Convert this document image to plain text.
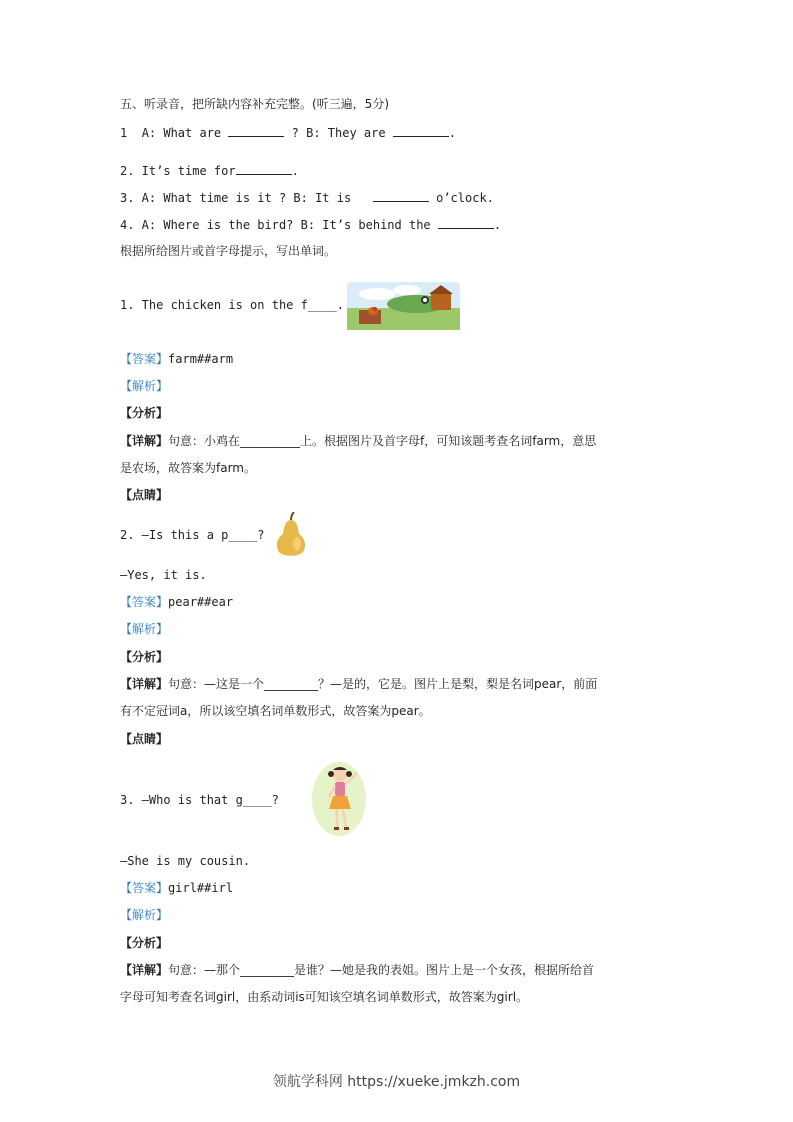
五、听录音，把所缺内容补充完整。(听三遍，5分)
1 A: What are	? B: They are	.
2. It’s time for	.
3. A: What time is it ? B: It is	o’clock.
4. A: Where is the bird? B: It’s behind the	.
根据所给图片或首字母提示，写出单词。
1. The chicken is on the f____.
【答案】farm##arm
【解析】
【分析】
【详解】句意：小鸡在__________上。根据图片及首字母f，可知该题考查名词farm，意思
是农场，故答案为farm。
【点睛】
2. —Is this a p____?
—Yes, it is.
【答案】pear##ear
【解析】
【分析】
【详解】句意：—这是一个_________？—是的，它是。图片上是梨，梨是名词pear，前面
有不定冠词a，所以该空填名词单数形式，故答案为pear。
【点睛】
3. —Who is that g____?
—She is my cousin.
【答案】girl##irl
【解析】
【分析】
【详解】句意：—那个_________是谁？—她是我的表姐。图片上是一个女孩，根据所给首
字母可知考查名词girl，由系动词is可知该空填名词单数形式，故答案为girl。
领航学科网 https://xueke.jmkzh.com
